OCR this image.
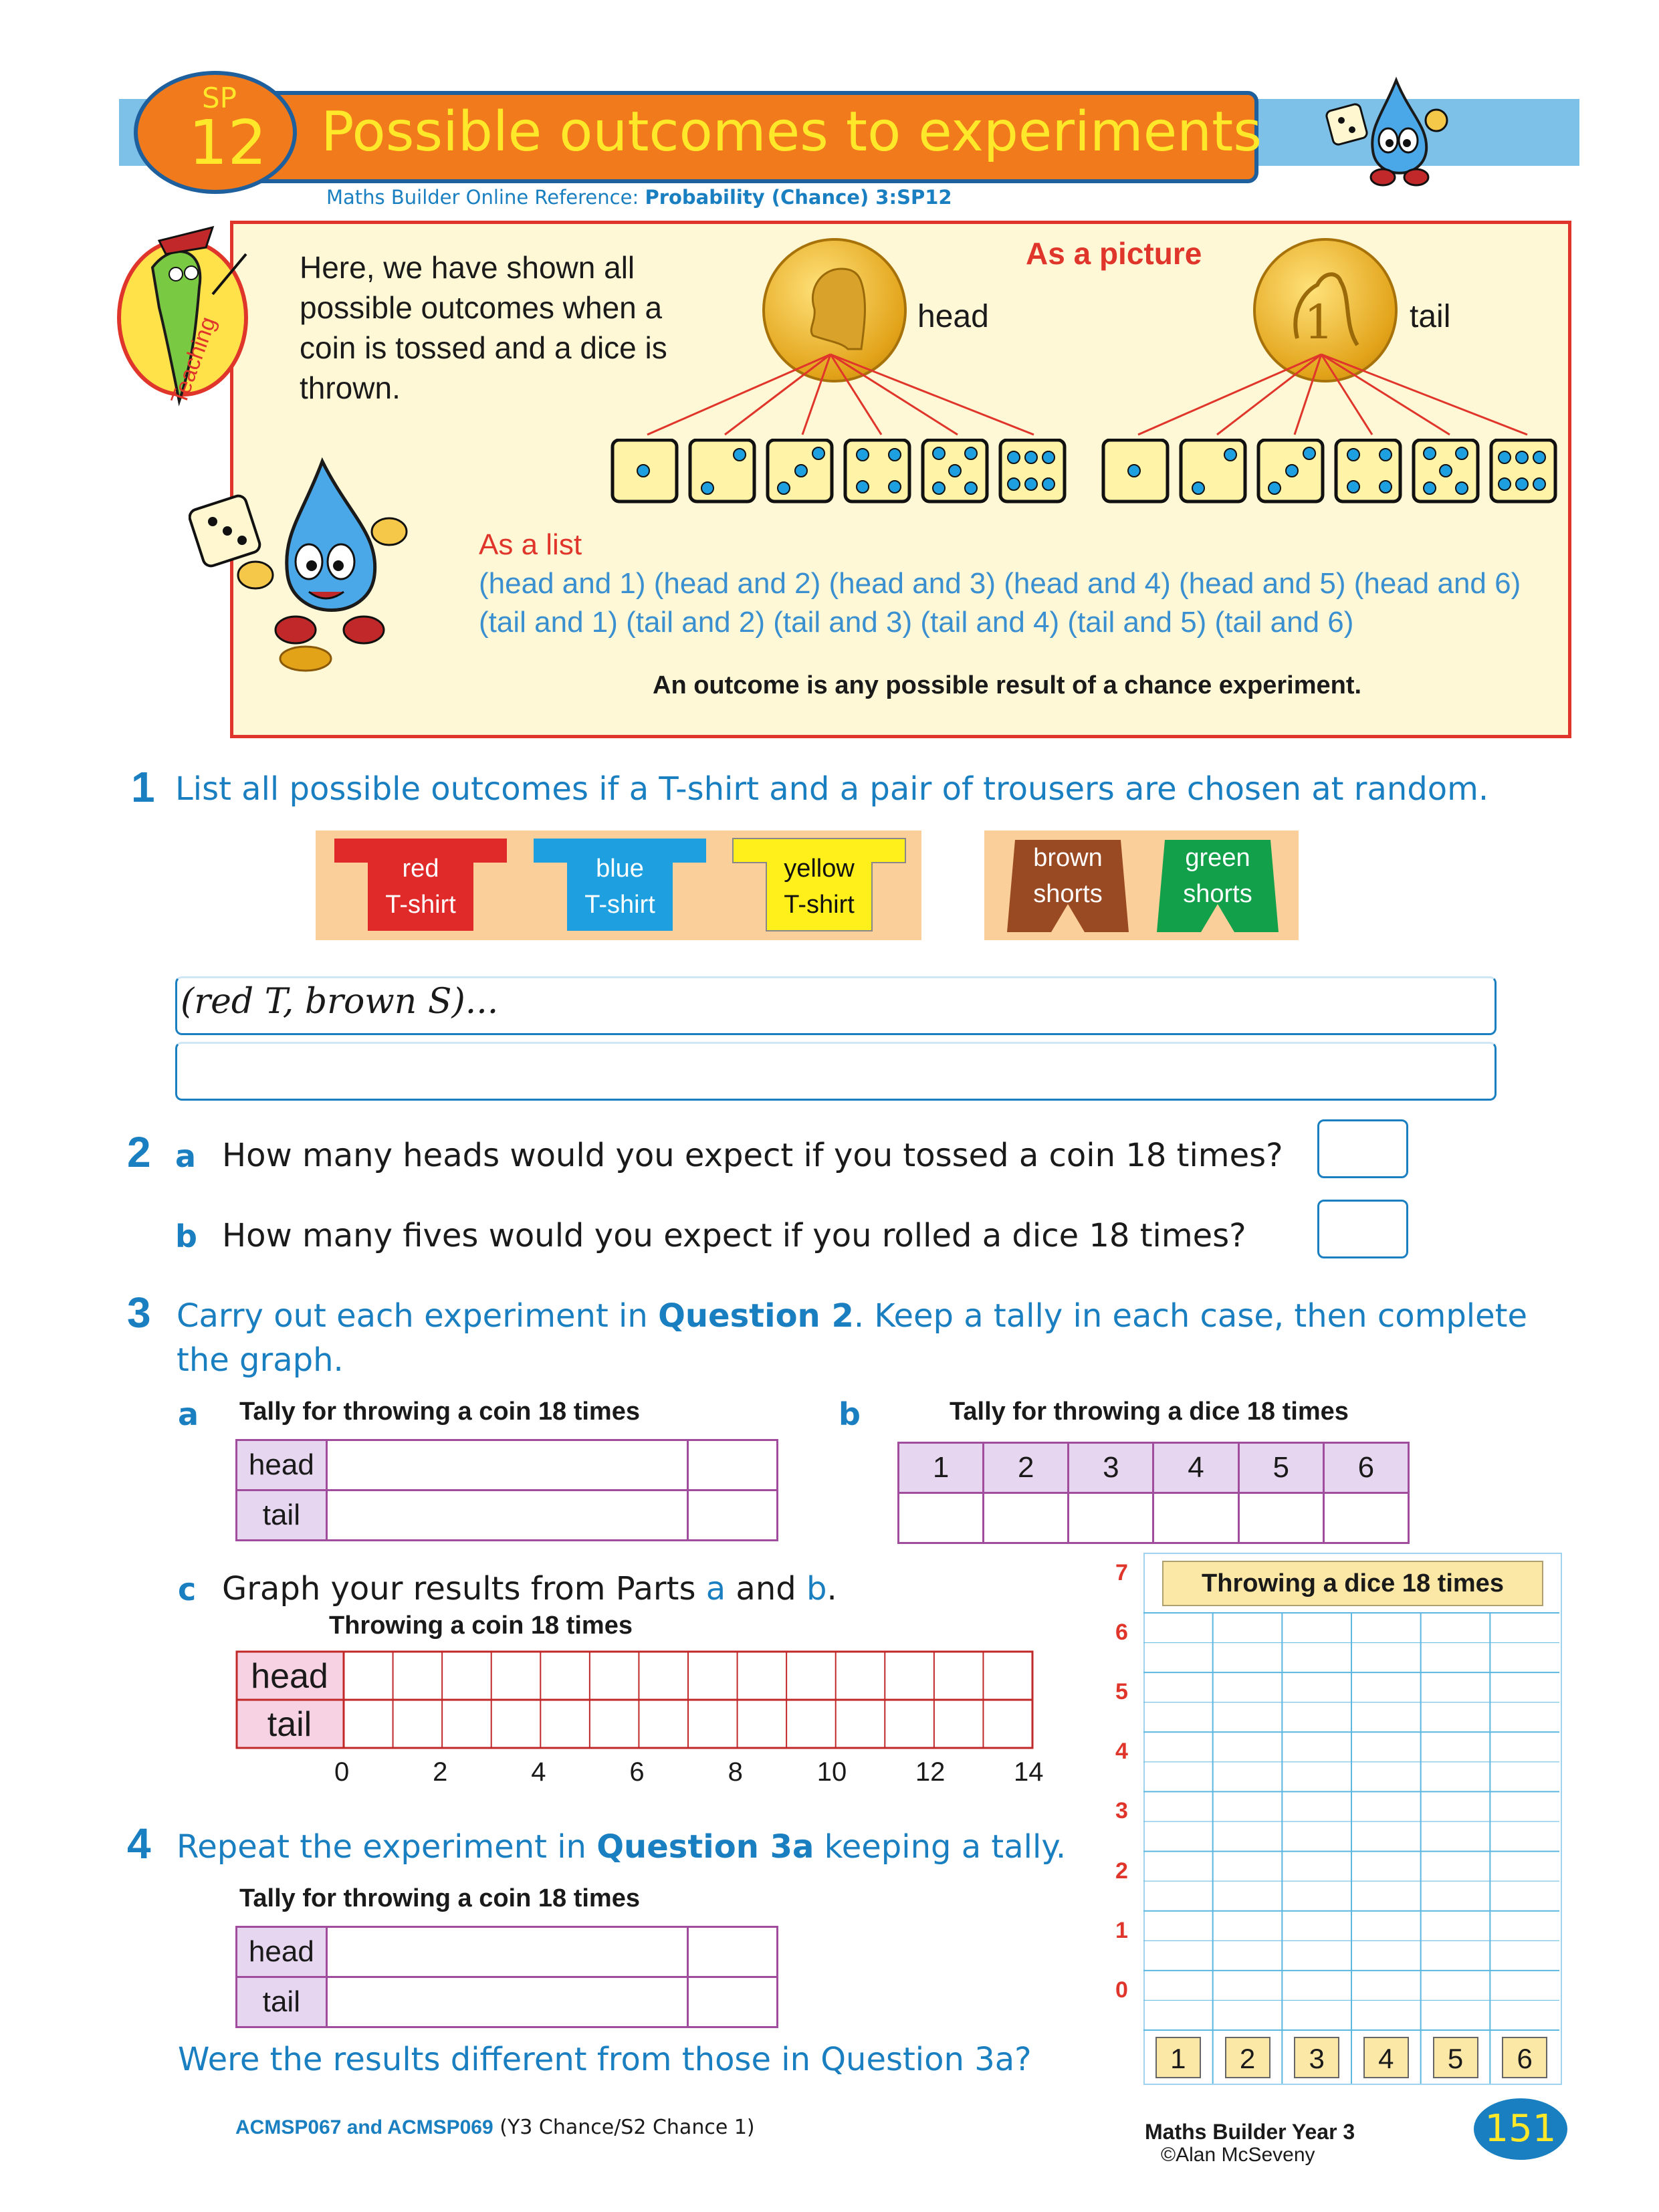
Possible outcomes to experiments
SP
12
Maths Builder Online Reference: Probability (Chance) 3:SP12
Teaching
Here, we have shown all possible outcomes when a coin is tossed and a dice is thrown.
As a picture
1
head	tail
As a list
(head and 1) (head and 2) (head and 3) (head and 4) (head and 5) (head and 6)
(tail and 1) (tail and 2) (tail and 3) (tail and 4) (tail and 5) (tail and 6)
An outcome is any possible result of a chance experiment.
1 List all possible outcomes if a T-shirt and a pair of trousers are chosen at random.
red
T-shirt
blue
T-shirt
yellow
T-shirt
brown
shorts
green
shorts
(red T, brown S)...
2 a How many heads would you expect if you tossed a coin 18 times?
b How many fives would you expect if you rolled a dice 18 times?
3 Carry out each experiment in Question 2. Keep a tally in each case, then complete
the graph.
a Tally for throwing a coin 18 times
head		
tail		
b	Tally for throwing a dice 18 times
1	2	3	4	5	6

c Graph your results from Parts a and b.
Throwing a coin 18 times
head
tail
0	2	4	6	8	10	12	14
Throwing a dice 18 times
7
6
5
4
3
2
1
0
1	2	3	4	5	6
4 Repeat the experiment in Question 3a keeping a tally.
Tally for throwing a coin 18 times
head		
tail		
Were the results different from those in Question 3a?
ACMSP067 and ACMSP069 (Y3 Chance/S2 Chance 1)	Maths Builder Year 3
©Alan McSeveny
151
